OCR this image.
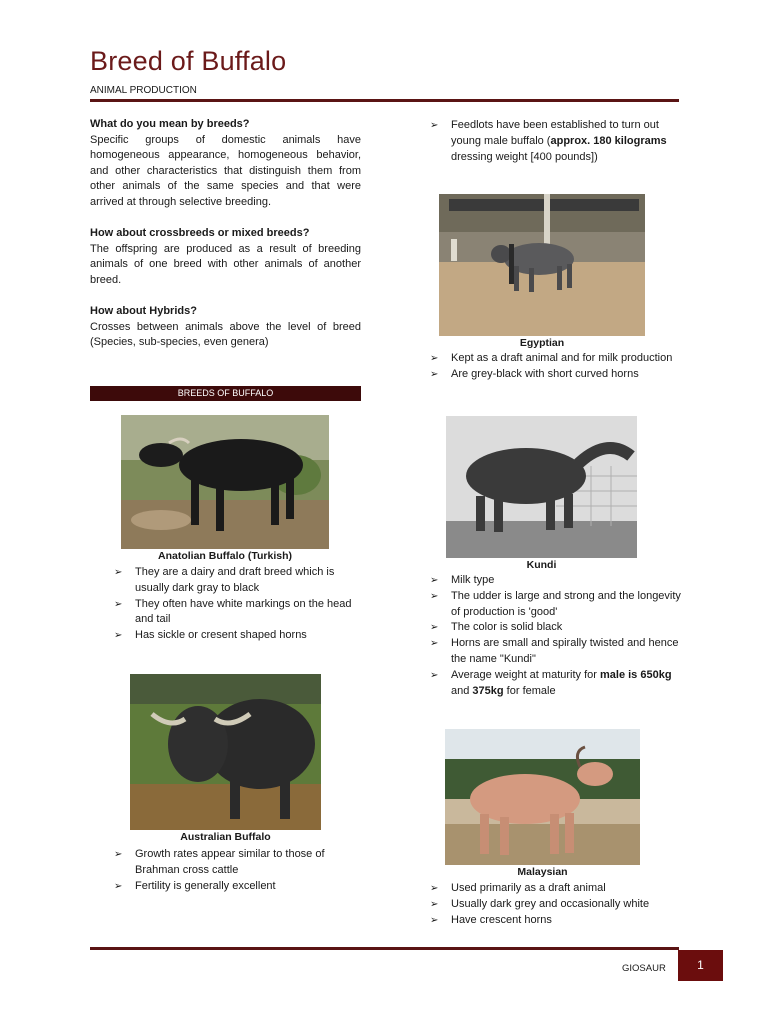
Breed of Buffalo
ANIMAL PRODUCTION
What do you mean by breeds?
Specific groups of domestic animals have homogeneous appearance, homogeneous behavior, and other characteristics that distinguish them from other animals of the same species and that were arrived at through selective breeding.
How about crossbreeds or mixed breeds?
The offspring are produced as a result of breeding animals of one breed with other animals of another breed.
How about Hybrids?
Crosses between animals above the level of breed (Species, sub-species, even genera)
BREEDS OF BUFFALO
Anatolian Buffalo (Turkish)
➢ They are a dairy and draft breed which is usually dark gray to black
➢ They often have white markings on the head and tail
➢ Has sickle or cresent shaped horns
Australian Buffalo
➢ Growth rates appear similar to those of Brahman cross cattle
➢ Fertility is generally excellent
➢ Feedlots have been established to turn out young male buffalo (approx. 180 kilograms dressing weight [400 pounds])
Egyptian
➢ Kept as a draft animal and for milk production
➢ Are grey-black with short curved horns
Kundi
➢ Milk type
➢ The udder is large and strong and the longevity of production is 'good'
➢ The color is solid black
➢ Horns are small and spirally twisted and hence the name "Kundi"
➢ Average weight at maturity for male is 650kg and 375kg for female
Malaysian
➢ Used primarily as a draft animal
➢ Usually dark grey and occasionally white
➢ Have crescent horns
GIOSAUR	1
